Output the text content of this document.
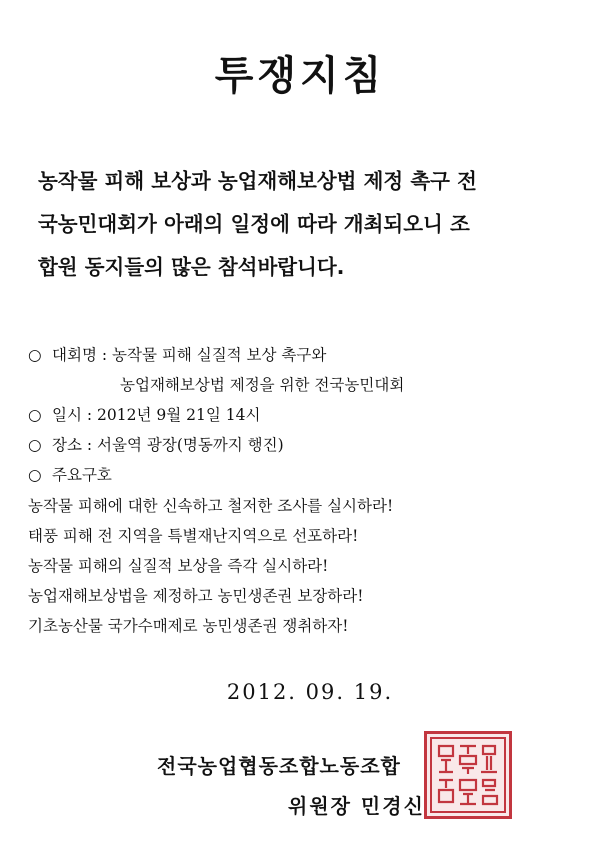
투쟁지침
농작물 피해 보상과 농업재해보상법 제정 촉구 전
국농민대회가 아래의 일정에 따라 개최되오니 조
합원 동지들의 많은 참석바랍니다.
○ 대회명 : 농작물 피해 실질적 보상 촉구와
농업재해보상법 제정을 위한 전국농민대회
○ 일시 : 2012년 9월 21일 14시
○ 장소 : 서울역 광장(명동까지 행진)
○ 주요구호
농작물 피해에 대한 신속하고 철저한 조사를 실시하라!
태풍 피해 전 지역을 특별재난지역으로 선포하라!
농작물 피해의 실질적 보상을 즉각 실시하라!
농업재해보상법을 제정하고 농민생존권 보장하라!
기초농산물 국가수매제로 농민생존권 쟁취하자!
2012. 09. 19.
전국농업협동조합노동조합
위원장 민경신
